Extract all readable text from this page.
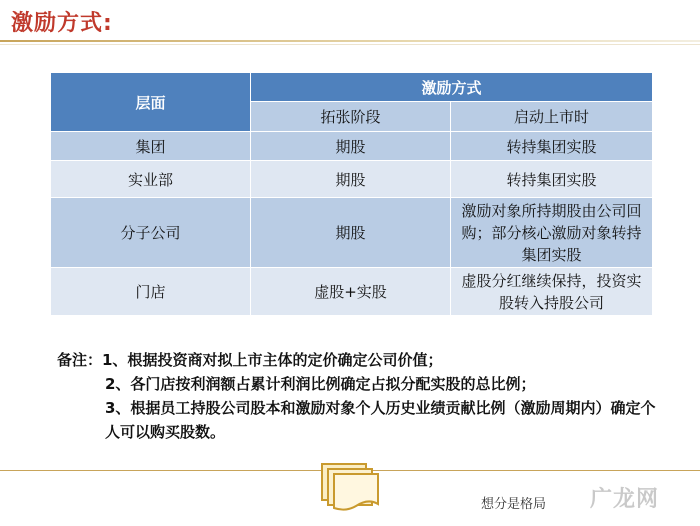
激励方式:
层面	激励方式	
	拓张阶段	启动上市时
集团	期股	转持集团实股
实业部	期股	转持集团实股
分子公司	期股	激励对象所持期股由公司回购；部分核心激励对象转持集团实股
门店	虚股+实股	虚股分红继续保持，投资实股转入持股公司
备注：1、根据投资商对拟上市主体的定价确定公司价值；
2、各门店按利润额占累计利润比例确定占拟分配实股的总比例；
3、根据员工持股公司股本和激励对象个人历史业绩贡献比例（激励周期内）确定个人可以购买股数。
想分是格局 广龙网
